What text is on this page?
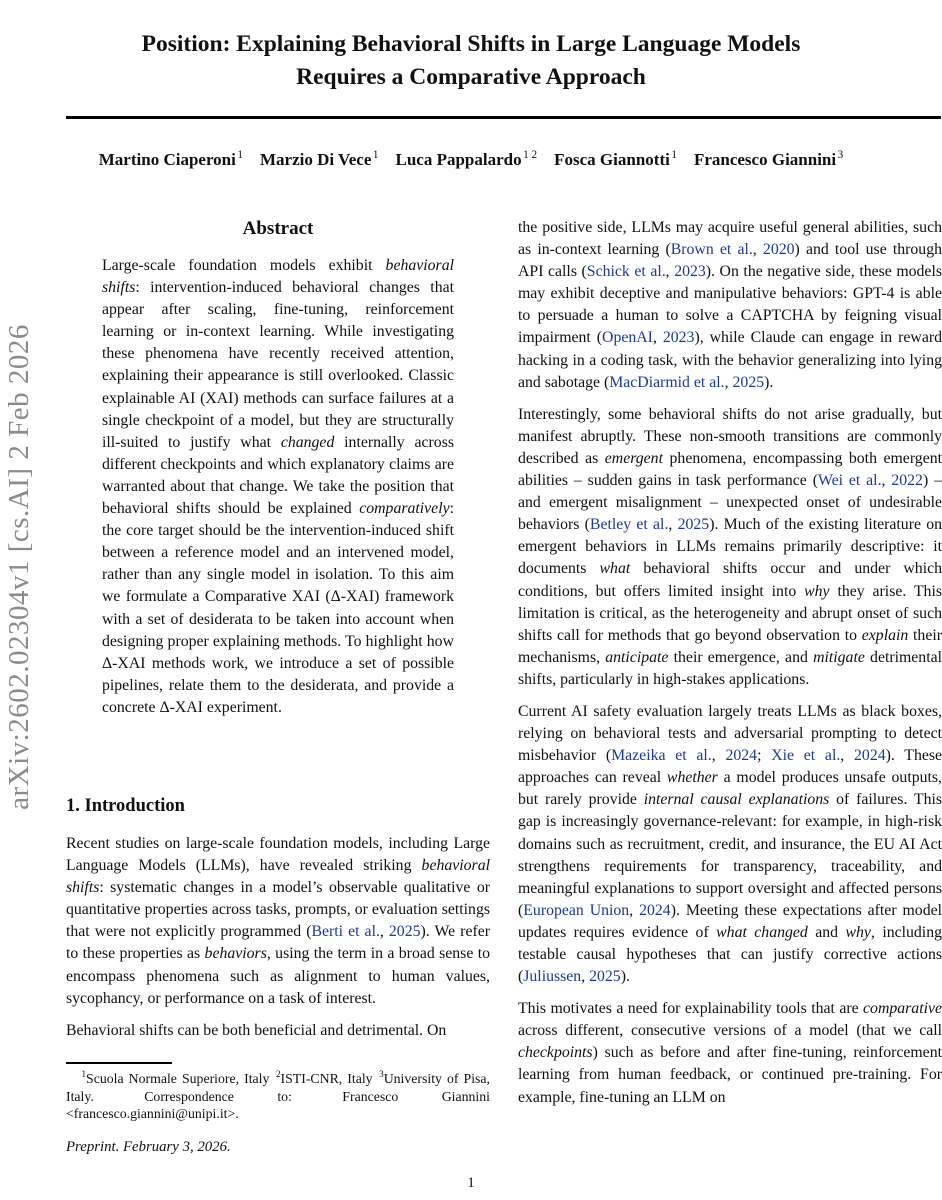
arXiv:2602.02304v1 [cs.AI] 2 Feb 2026
Position: Explaining Behavioral Shifts in Large Language Models
Requires a Comparative Approach
Martino Ciaperoni $^1$   Marzio Di Vece $^1$   Luca Pappalardo $^{1 2}$   Fosca Giannotti $^1$   Francesco Giannini $^3$
Abstract

Large-scale foundation models exhibit behavioral shifts: intervention-induced behavioral changes that appear after scaling, fine-tuning, reinforcement learning or in-context learning. While investigating these phenomena have recently received attention, explaining their appearance is still overlooked. Classic explainable AI (XAI) methods can surface failures at a single checkpoint of a model, but they are structurally ill-suited to justify what changed internally across different checkpoints and which explanatory claims are warranted about that change. We take the position that behavioral shifts should be explained comparatively: the core target should be the intervention-induced shift between a reference model and an intervened model, rather than any single model in isolation. To this aim we formulate a Comparative XAI (Δ-XAI) framework with a set of desiderata to be taken into account when designing proper explaining methods. To highlight how Δ-XAI methods work, we introduce a set of possible pipelines, relate them to the desiderata, and provide a concrete Δ-XAI experiment.

1. Introduction

Recent studies on large-scale foundation models, including Large Language Models (LLMs), have revealed striking behavioral shifts: systematic changes in a model’s observable qualitative or quantitative properties across tasks, prompts, or evaluation settings that were not explicitly programmed (Berti et al., 2025). We refer to these properties as behaviors, using the term in a broad sense to encompass phenomena such as alignment to human values, sycophancy, or performance on a task of interest.

Behavioral shifts can be both beneficial and detrimental. On

$^1$Scuola Normale Superiore, Italy $^2$ISTI-CNR, Italy $^3$University of Pisa, Italy.  Correspondence to:  Francesco Giannini <francesco.giannini@unipi.it>.
Preprint. February 3, 2026.

the positive side, LLMs may acquire useful general abilities, such as in-context learning (Brown et al., 2020) and tool use through API calls (Schick et al., 2023). On the negative side, these models may exhibit deceptive and manipulative behaviors: GPT-4 is able to persuade a human to solve a CAPTCHA by feigning visual impairment (OpenAI, 2023), while Claude can engage in reward hacking in a coding task, with the behavior generalizing into lying and sabotage (MacDiarmid et al., 2025).

Interestingly, some behavioral shifts do not arise gradually, but manifest abruptly. These non-smooth transitions are commonly described as emergent phenomena, encompassing both emergent abilities – sudden gains in task performance (Wei et al., 2022) – and emergent misalignment – unexpected onset of undesirable behaviors (Betley et al., 2025). Much of the existing literature on emergent behaviors in LLMs remains primarily descriptive: it documents what behavioral shifts occur and under which conditions, but offers limited insight into why they arise. This limitation is critical, as the heterogeneity and abrupt onset of such shifts call for methods that go beyond observation to explain their mechanisms, anticipate their emergence, and mitigate detrimental shifts, particularly in high-stakes applications.

Current AI safety evaluation largely treats LLMs as black boxes, relying on behavioral tests and adversarial prompting to detect misbehavior (Mazeika et al., 2024; Xie et al., 2024). These approaches can reveal whether a model produces unsafe outputs, but rarely provide internal causal explanations of failures. This gap is increasingly governance-relevant: for example, in high-risk domains such as recruitment, credit, and insurance, the EU AI Act strengthens requirements for transparency, traceability, and meaningful explanations to support oversight and affected persons (European Union, 2024). Meeting these expectations after model updates requires evidence of what changed and why, including testable causal hypotheses that can justify corrective actions (Juliussen, 2025).

This motivates a need for explainability tools that are comparative across different, consecutive versions of a model (that we call checkpoints) such as before and after fine-tuning, reinforcement learning from human feedback, or continued pre-training. For example, fine-tuning an LLM on

1
